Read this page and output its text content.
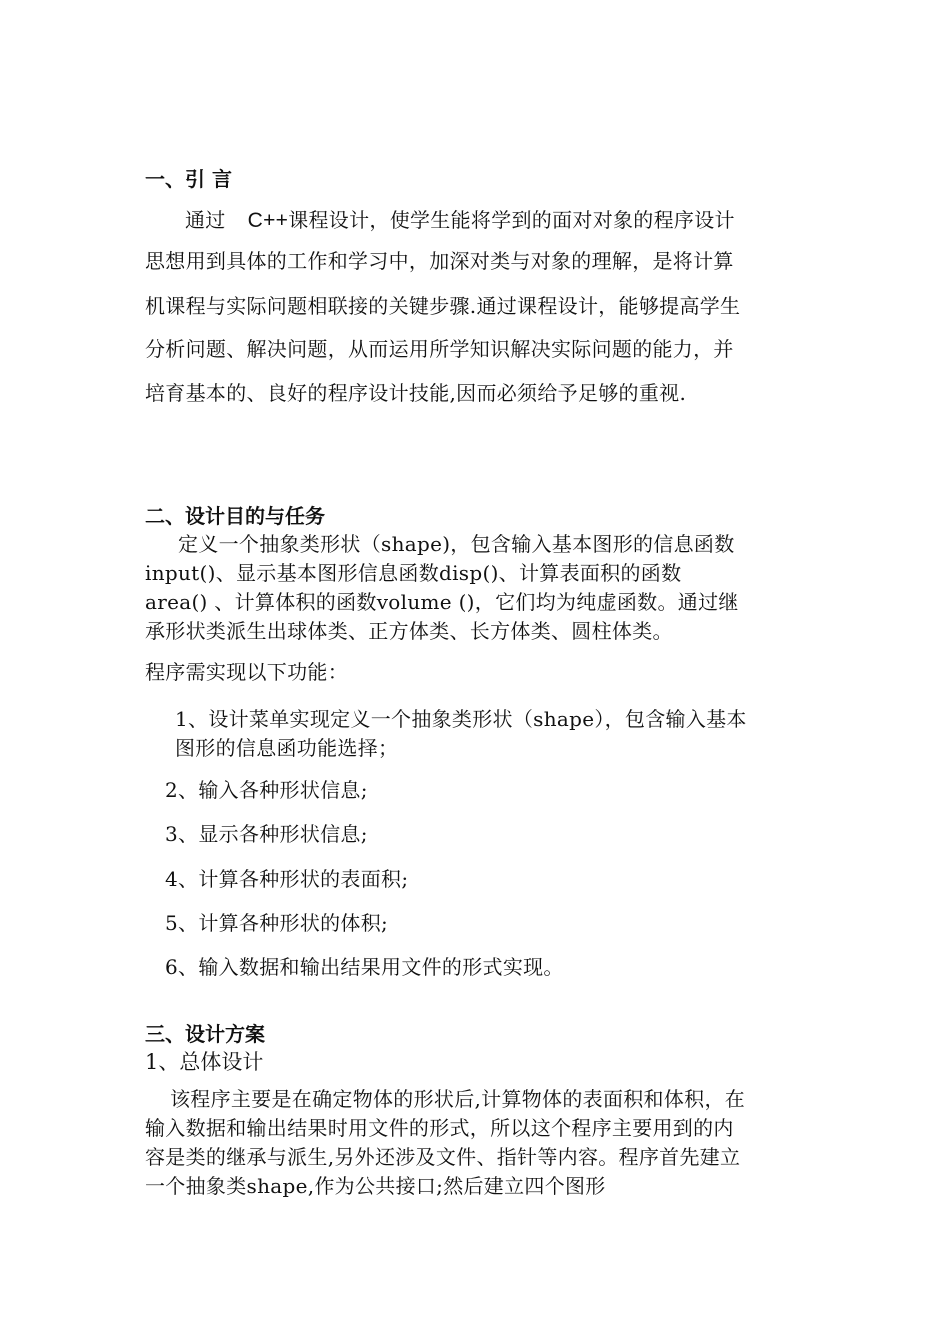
一、引 言
通过 C++课程设计，使学生能将学到的面对对象的程序设计
思想用到具体的工作和学习中，加深对类与对象的理解，是将计算
机课程与实际问题相联接的关键步骤.通过课程设计，能够提高学生
分析问题、解决问题，从而运用所学知识解决实际问题的能力，并
培育基本的、良好的程序设计技能,因而必须给予足够的重视.
二、设计目的与任务
定义一个抽象类形状（shape)，包含输入基本图形的信息函数
input()、显示基本图形信息函数disp()、计算表面积的函数
area() 、计算体积的函数volume ()，它们均为纯虚函数。通过继
承形状类派生出球体类、正方体类、长方体类、圆柱体类。
程序需实现以下功能：
1、设计菜单实现定义一个抽象类形状（shape），包含输入基本
图形的信息函功能选择；
2、输入各种形状信息;
3、显示各种形状信息;
4、计算各种形状的表面积;
5、计算各种形状的体积;
6、输入数据和输出结果用文件的形式实现。
三、设计方案
1、总体设计
该程序主要是在确定物体的形状后,计算物体的表面积和体积，在
输入数据和输出结果时用文件的形式，所以这个程序主要用到的内
容是类的继承与派生,另外还涉及文件、指针等内容。程序首先建立
一个抽象类shape,作为公共接口;然后建立四个图形
